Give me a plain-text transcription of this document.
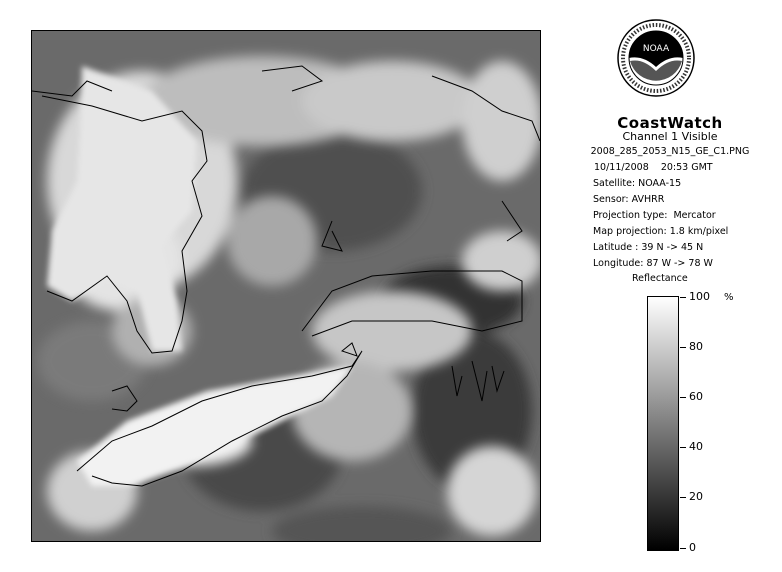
NOAA
CoastWatch
Channel 1 Visible
2008_285_2053_N15_GE_C1.PNG
10/11/2008    20:53 GMT
Satellite: NOAA-15
Sensor: AVHRR
Projection type:  Mercator
Map projection: 1.8 km/pixel
Latitude : 39 N -> 45 N
Longitude: 87 W -> 78 W
Reflectance
%
100
80
60
40
20
0
